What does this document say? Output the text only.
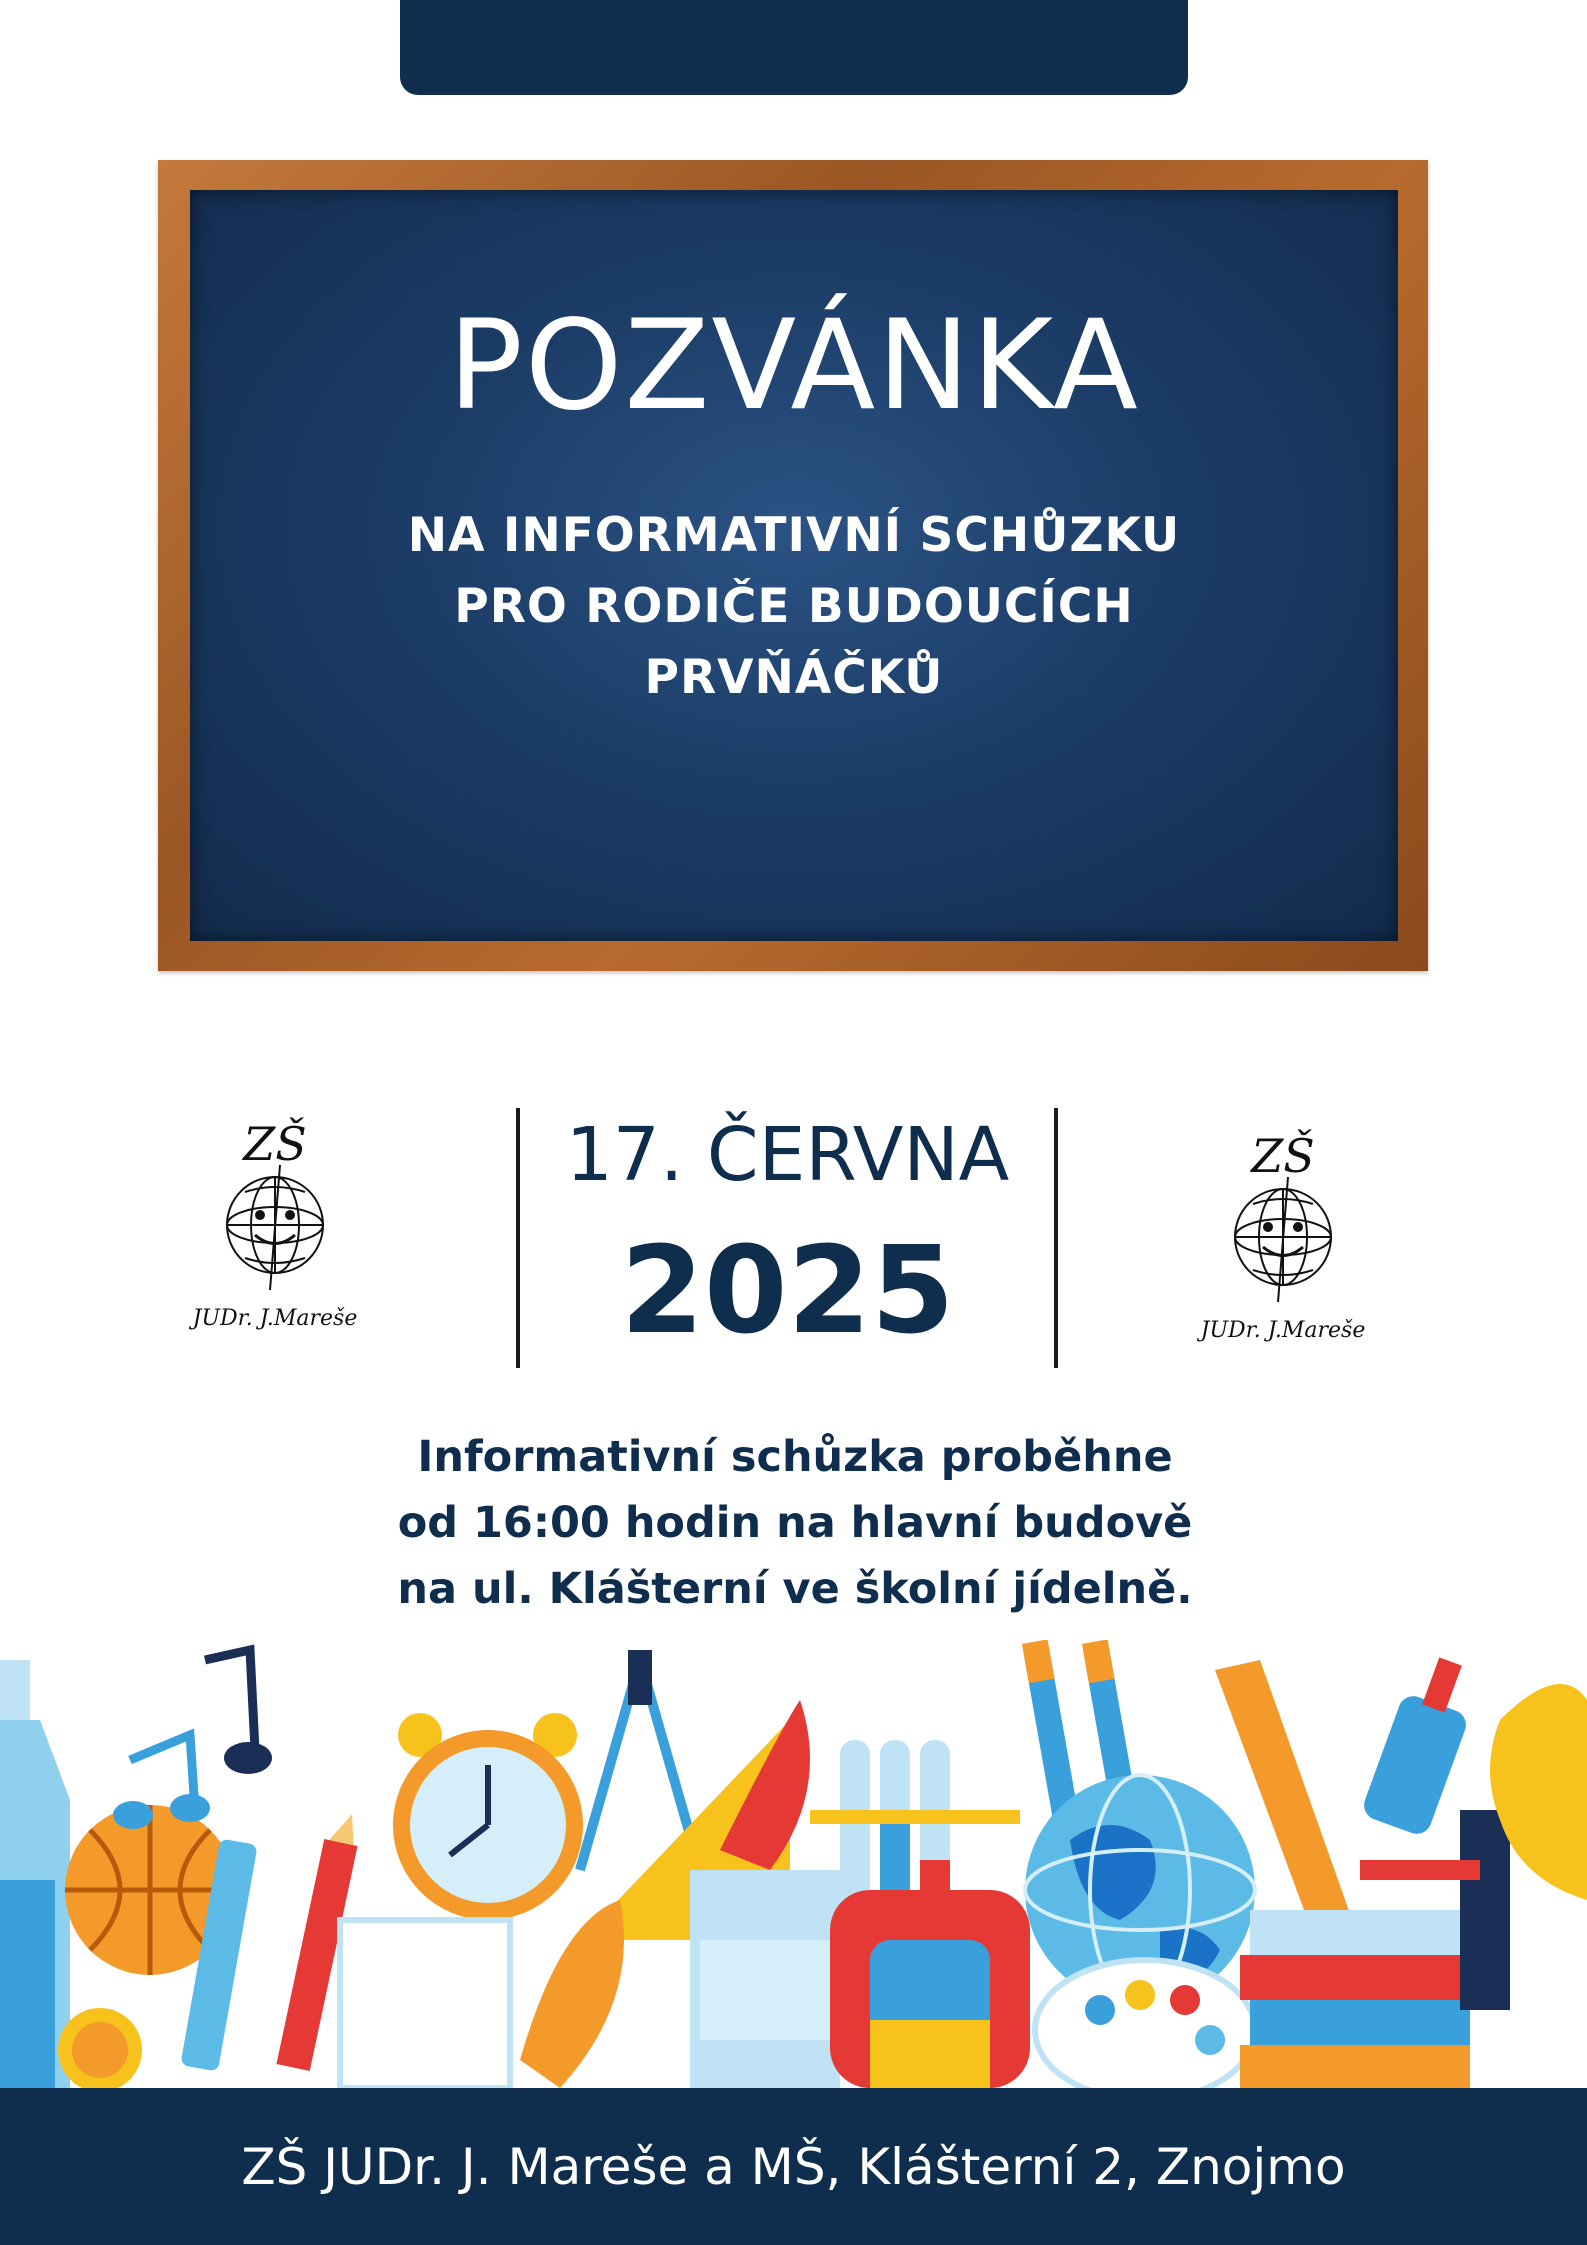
POZVÁNKA
NA INFORMATIVNÍ SCHŮZKU
PRO RODIČE BUDOUCÍCH
PRVŇÁČKŮ
ZŠ
JUDr. J.Mareše
17. ČERVNA
2025
ZŠ
JUDr. J.Mareše
Informativní schůzka proběhne
od 16:00 hodin na hlavní budově
na ul. Klášterní ve školní jídelně.
ZŠ JUDr. J. Mareše a MŠ, Klášterní 2, Znojmo
